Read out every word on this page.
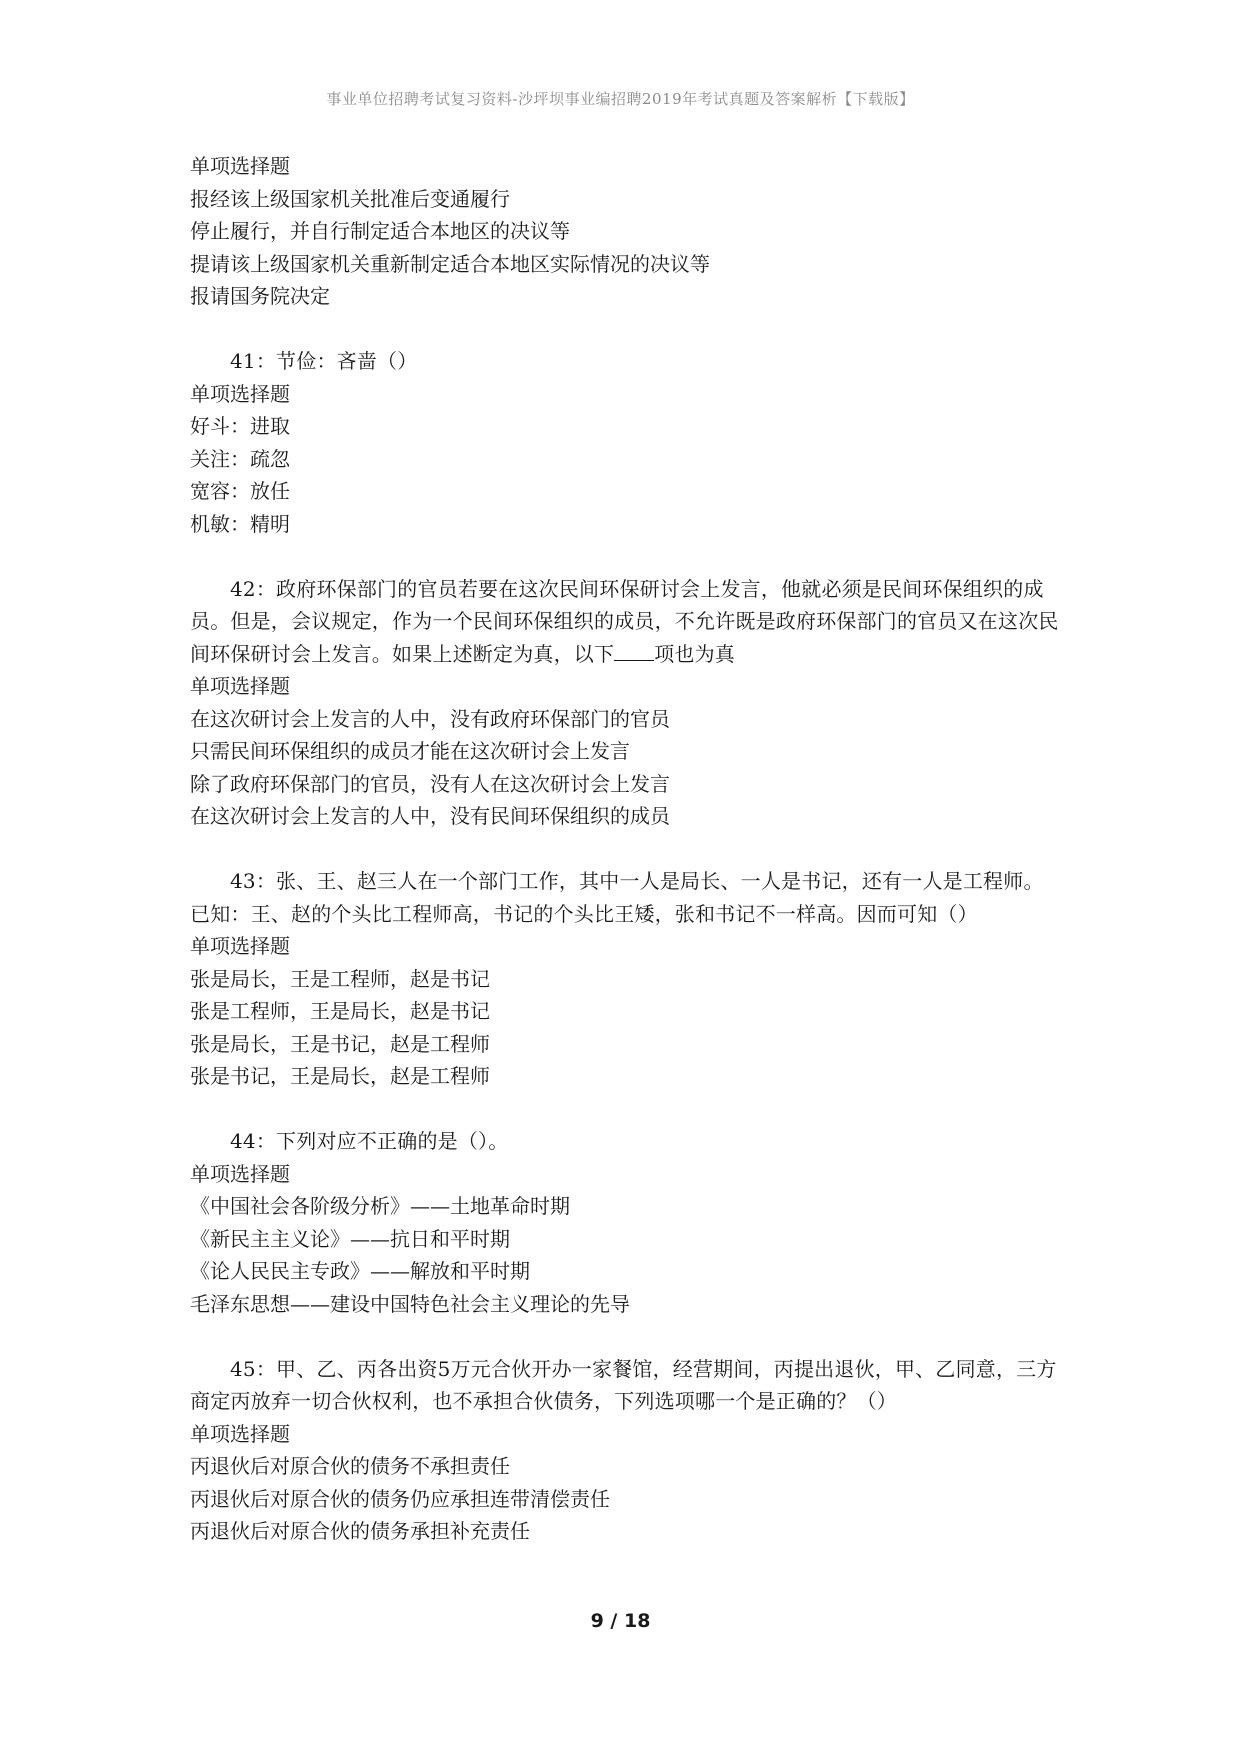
事业单位招聘考试复习资料-沙坪坝事业编招聘2019年考试真题及答案解析【下载版】
单项选择题
报经该上级国家机关批准后变通履行
停止履行，并自行制定适合本地区的决议等
提请该上级国家机关重新制定适合本地区实际情况的决议等
报请国务院决定
41：节俭：吝啬（）
单项选择题
好斗：进取
关注：疏忽
宽容：放任
机敏：精明
42：政府环保部门的官员若要在这次民间环保研讨会上发言，他就必须是民间环保组织的成员。但是，会议规定，作为一个民间环保组织的成员，不允许既是政府环保部门的官员又在这次民间环保研讨会上发言。如果上述断定为真，以下 项也为真
单项选择题
在这次研讨会上发言的人中，没有政府环保部门的官员
只需民间环保组织的成员才能在这次研讨会上发言
除了政府环保部门的官员，没有人在这次研讨会上发言
在这次研讨会上发言的人中，没有民间环保组织的成员
43：张、王、赵三人在一个部门工作，其中一人是局长、一人是书记，还有一人是工程师。已知：王、赵的个头比工程师高，书记的个头比王矮，张和书记不一样高。因而可知（）
单项选择题
张是局长，王是工程师，赵是书记
张是工程师，王是局长，赵是书记
张是局长，王是书记，赵是工程师
张是书记，王是局长，赵是工程师
44：下列对应不正确的是（）。
单项选择题
《中国社会各阶级分析》——土地革命时期
《新民主主义论》——抗日和平时期
《论人民民主专政》——解放和平时期
毛泽东思想——建设中国特色社会主义理论的先导
45：甲、乙、丙各出资5万元合伙开办一家餐馆，经营期间，丙提出退伙，甲、乙同意，三方商定丙放弃一切合伙权利，也不承担合伙债务，下列选项哪一个是正确的？（）
单项选择题
丙退伙后对原合伙的债务不承担责任
丙退伙后对原合伙的债务仍应承担连带清偿责任
丙退伙后对原合伙的债务承担补充责任
9 / 18
